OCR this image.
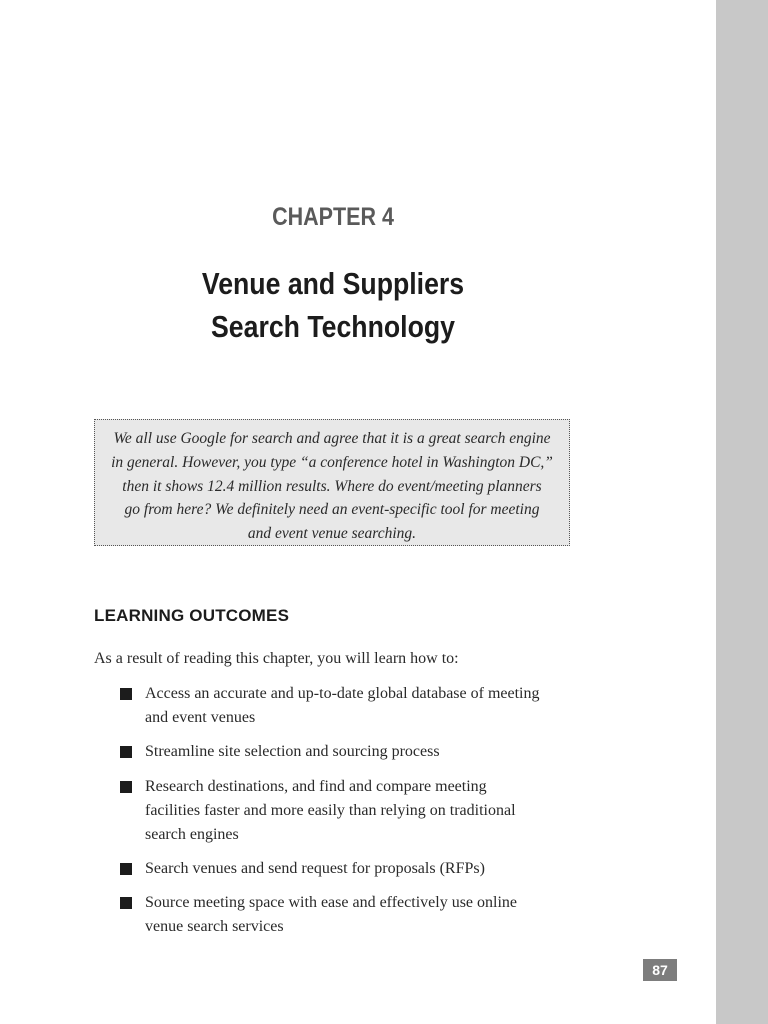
CHAPTER 4
Venue and Suppliers
Search Technology
We all use Google for search and agree that it is a great search engine
in general. However, you type “a conference hotel in Washington DC,”
then it shows 12.4 million results. Where do event/meeting planners
go from here? We definitely need an event-specific tool for meeting
and event venue searching.
LEARNING OUTCOMES
As a result of reading this chapter, you will learn how to:
Access an accurate and up-to-date global database of meeting
and event venues
Streamline site selection and sourcing process
Research destinations, and find and compare meeting
facilities faster and more easily than relying on traditional
search engines
Search venues and send request for proposals (RFPs)
Source meeting space with ease and effectively use online
venue search services
87
